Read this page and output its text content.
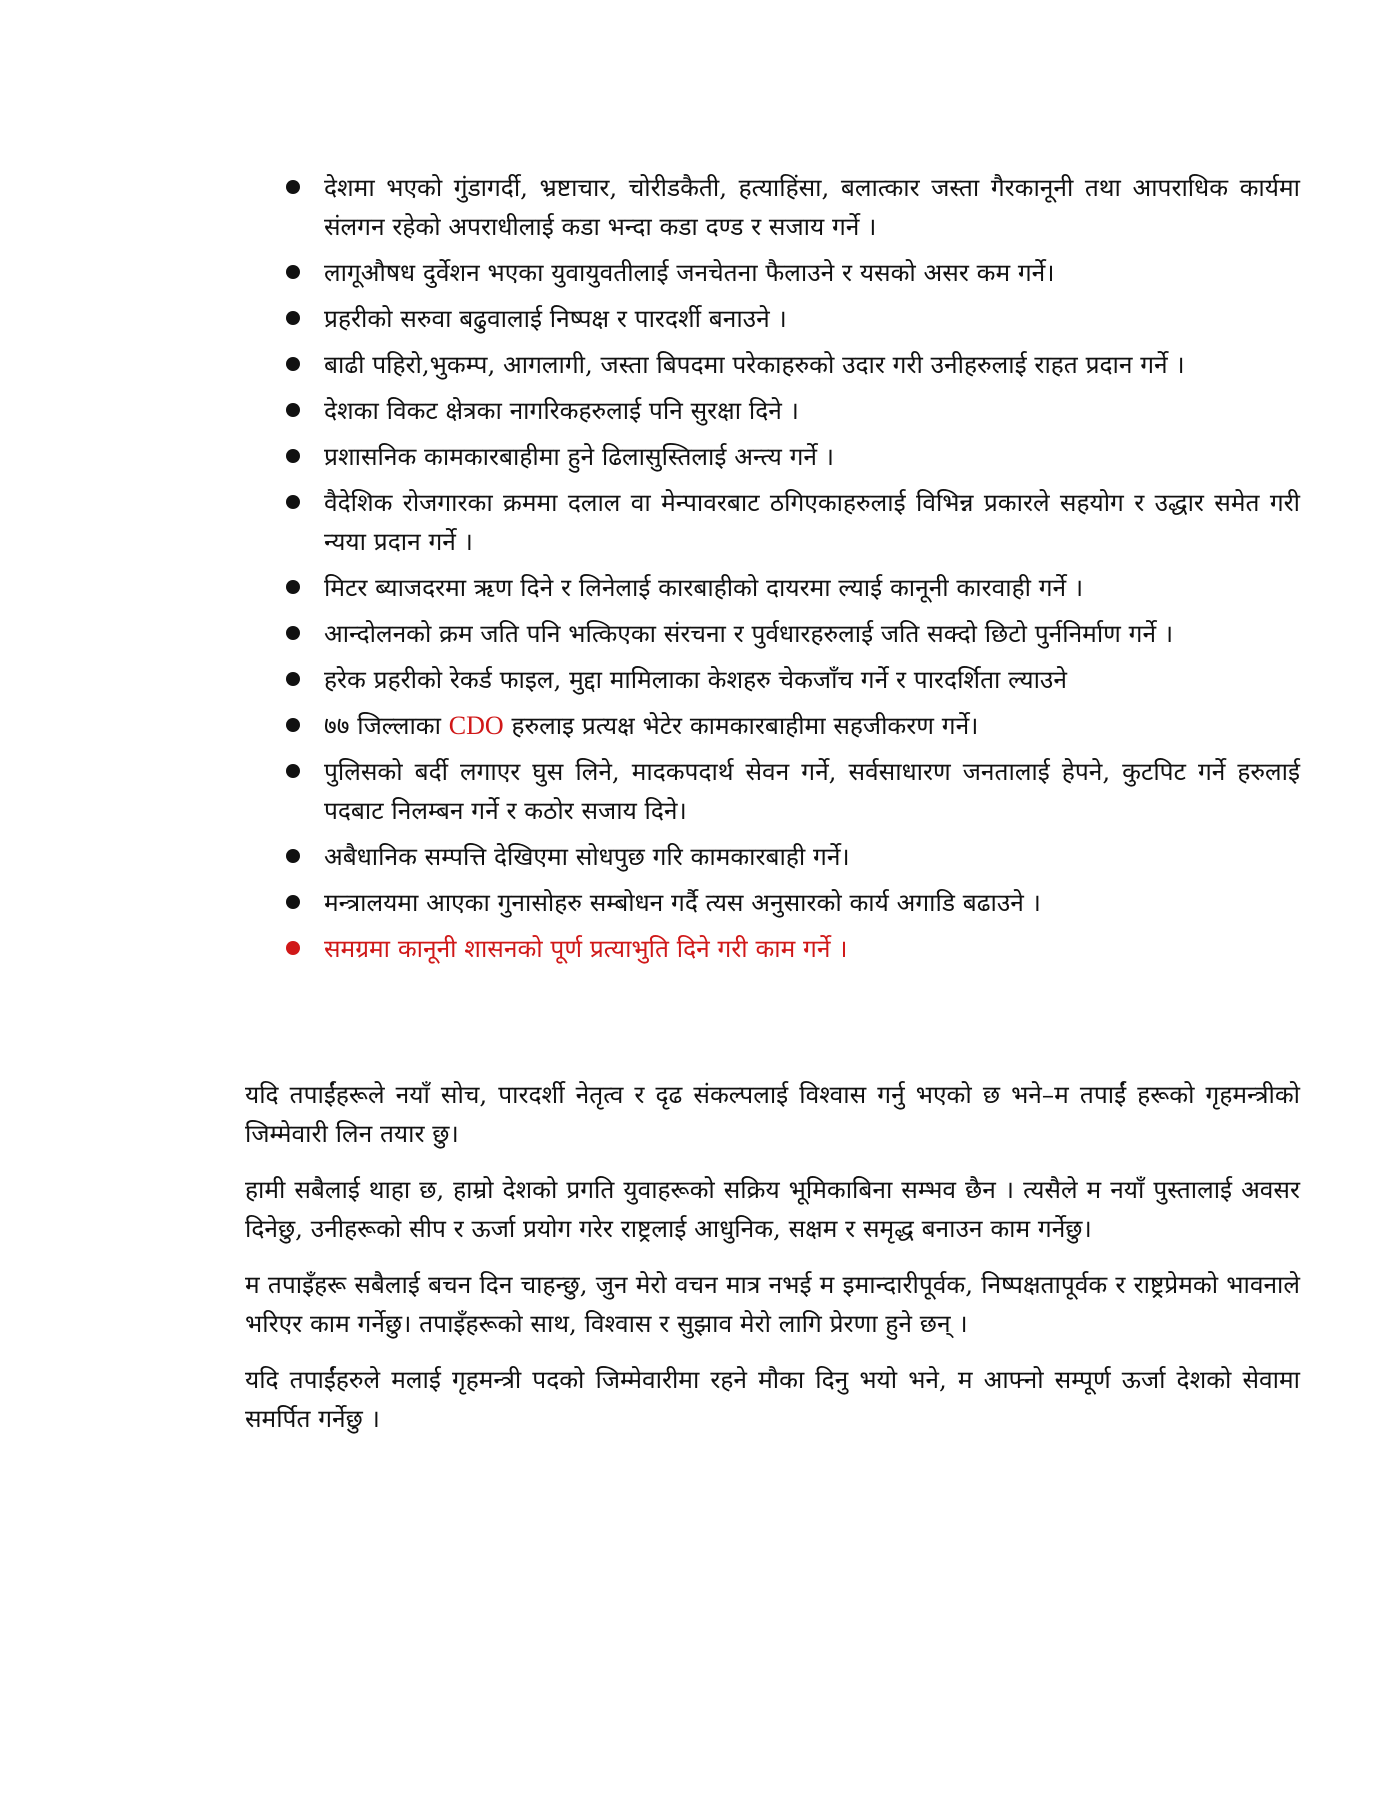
देशमा भएको गुंडागर्दी, भ्रष्टाचार, चोरीडकैती, हत्याहिंसा, बलात्कार जस्ता गैरकानूनी तथा आपराधिक कार्यमा संलगन रहेको अपराधीलाई कडा भन्दा कडा दण्ड र सजाय गर्ने ।
लागूऔषध दुर्वेशन भएका युवायुवतीलाई जनचेतना फैलाउने र यसको असर कम गर्ने।
प्रहरीको सरुवा बढुवालाई निष्पक्ष र पारदर्शी बनाउने ।
बाढी पहिरो,भुकम्प, आगलागी, जस्ता बिपदमा परेकाहरुको उदार गरी उनीहरुलाई राहत प्रदान गर्ने ।
देशका विकट क्षेत्रका नागरिकहरुलाई पनि सुरक्षा दिने ।
प्रशासनिक कामकारबाहीमा हुने ढिलासुस्तिलाई अन्त्य गर्ने ।
वैदेशिक रोजगारका क्रममा दलाल वा मेन्पावरबाट ठगिएकाहरुलाई विभिन्न प्रकारले सहयोग र उद्धार समेत गरी न्यया प्रदान गर्ने ।
मिटर ब्याजदरमा ऋण दिने र लिनेलाई कारबाहीको दायरमा ल्याई कानूनी कारवाही गर्ने ।
आन्दोलनको क्रम जति पनि भत्किएका संरचना र पुर्वधारहरुलाई जति सक्दो छिटो पुर्ननिर्माण गर्ने ।
हरेक प्रहरीको रेकर्ड फाइल, मुद्दा मामिलाका केशहरु चेकजाँच गर्ने र पारदर्शिता ल्याउने
७७ जिल्लाका CDO हरुलाइ प्रत्यक्ष भेटेर कामकारबाहीमा सहजीकरण गर्ने।
पुलिसको बर्दी लगाएर घुस लिने, मादकपदार्थ सेवन गर्ने, सर्वसाधारण जनतालाई हेपने, कुटपिट गर्ने हरुलाई पदबाट निलम्बन गर्ने र कठोर सजाय दिने।
अबैधानिक सम्पत्ति देखिएमा सोधपुछ गरि कामकारबाही गर्ने।
मन्त्रालयमा आएका गुनासोहरु सम्बोधन गर्दै त्यस अनुसारको कार्य अगाडि बढाउने ।
समग्रमा कानूनी शासनको पूर्ण प्रत्याभुति दिने गरी काम गर्ने ।

यदि तपाईंहरूले नयाँ सोच, पारदर्शी नेतृत्व र दृढ संकल्पलाई विश्वास गर्नु भएको छ भने–म तपाईं हरूको गृहमन्त्रीको जिम्मेवारी लिन तयार छु।

हामी सबैलाई थाहा छ, हाम्रो देशको प्रगति युवाहरूको सक्रिय भूमिकाबिना सम्भव छैन । त्यसैले म नयाँ पुस्तालाई अवसर दिनेछु, उनीहरूको सीप र ऊर्जा प्रयोग गरेर राष्ट्रलाई आधुनिक, सक्षम र समृद्ध बनाउन काम गर्नेछु।

म तपाइँहरू सबैलाई बचन दिन चाहन्छु, जुन मेरो वचन मात्र नभई म इमान्दारीपूर्वक, निष्पक्षतापूर्वक र राष्ट्रप्रेमको भावनाले भरिएर काम गर्नेछु। तपाइँहरूको साथ, विश्वास र सुझाव मेरो लागि प्रेरणा हुने छन् ।

यदि तपाईंहरुले मलाई गृहमन्त्री पदको जिम्मेवारीमा रहने मौका दिनु भयो भने, म आफ्नो सम्पूर्ण ऊर्जा देशको सेवामा समर्पित गर्नेछु ।
